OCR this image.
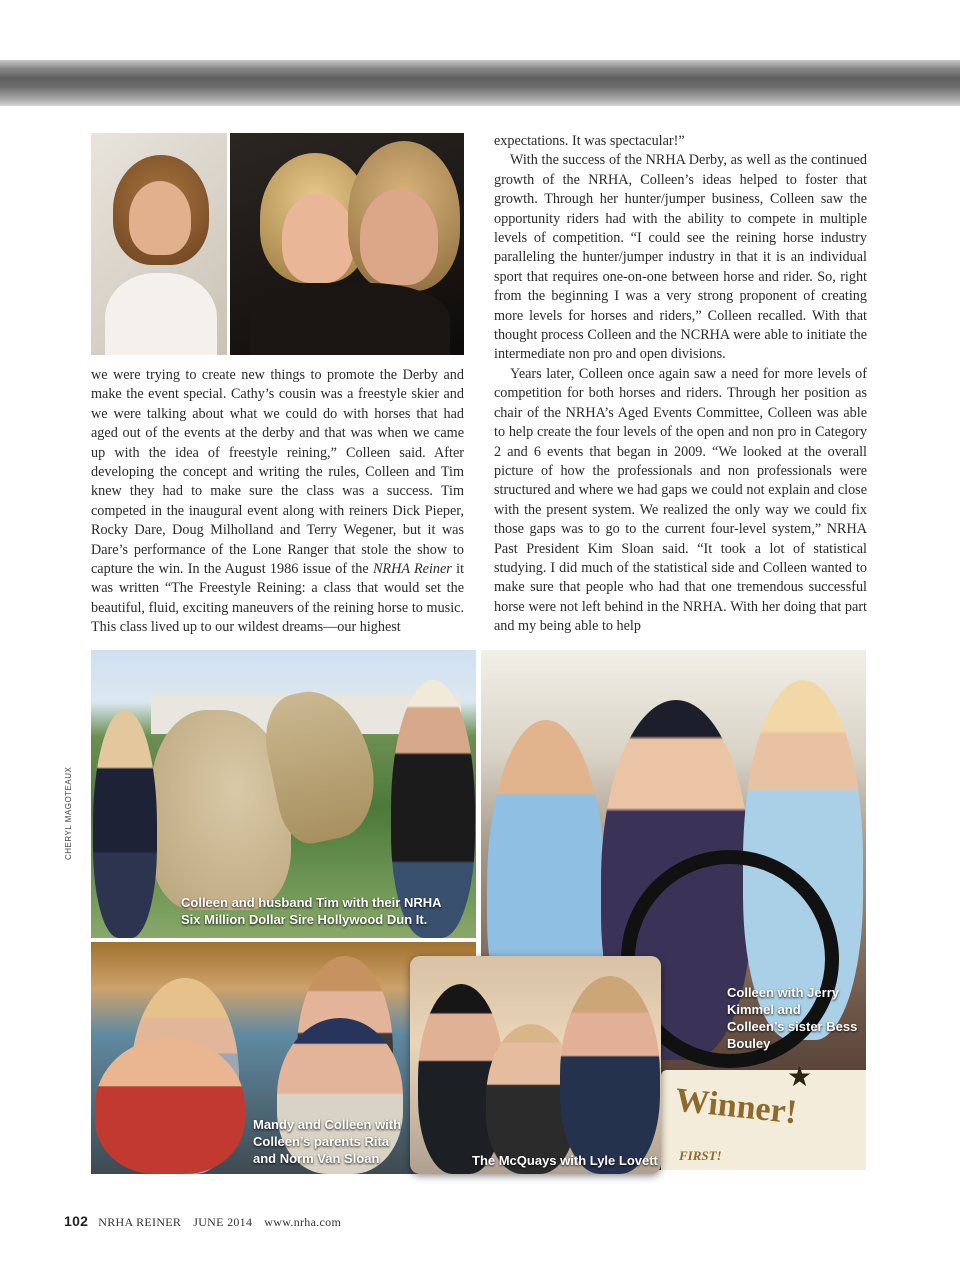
we were trying to create new things to promote the Derby and make the event special. Cathy’s cousin was a freestyle skier and we were talking about what we could do with horses that had aged out of the events at the derby and that was when we came up with the idea of freestyle reining,” Colleen said. After developing the concept and writing the rules, Colleen and Tim knew they had to make sure the class was a success. Tim competed in the inaugural event along with reiners Dick Pieper, Rocky Dare, Doug Milholland and Terry Wegener, but it was Dare’s performance of the Lone Ranger that stole the show to capture the win. In the August 1986 issue of the NRHA Reiner it was written “The Freestyle Reining: a class that would set the beautiful, fluid, exciting maneuvers of the reining horse to music. This class lived up to our wildest dreams—our highest

expectations. It was spectacular!”

With the success of the NRHA Derby, as well as the continued growth of the NRHA, Colleen’s ideas helped to foster that growth. Through her hunter/jumper business, Colleen saw the opportunity riders had with the ability to compete in multiple levels of competition. “I could see the reining horse industry paralleling the hunter/jumper industry in that it is an individual sport that requires one-on-one between horse and rider. So, right from the beginning I was a very strong proponent of creating more levels for horses and riders,” Colleen recalled. With that thought process Colleen and the NCRHA were able to initiate the intermediate non pro and open divisions.

Years later, Colleen once again saw a need for more levels of competition for both horses and riders. Through her position as chair of the NRHA’s Aged Events Committee, Colleen was able to help create the four levels of the open and non pro in Category 2 and 6 events that began in 2009. “We looked at the overall picture of how the professionals and non professionals were structured and where we had gaps we could not explain and close with the present system. We realized the only way we could fix those gaps was to go to the current four-level system,” NRHA Past President Kim Sloan said. “It took a lot of statistical studying. I did much of the statistical side and Colleen wanted to make sure that people who had that one tremendous successful horse were not left behind in the NRHA. With her doing that part and my being able to help

CHERYL MAGOTEAUX
Colleen and husband Tim with their NRHA Six Million Dollar Sire Hollywood Dun It.
Winner!
FIRST!
★
Colleen with Jerry Kimmel and Colleen’s sister Bess Bouley
Mandy and Colleen with Colleen’s parents Rita and Norm Van Sloan	The McQuays with Lyle Lovett
102 NRHA REINER JUNE 2014 www.nrha.com
